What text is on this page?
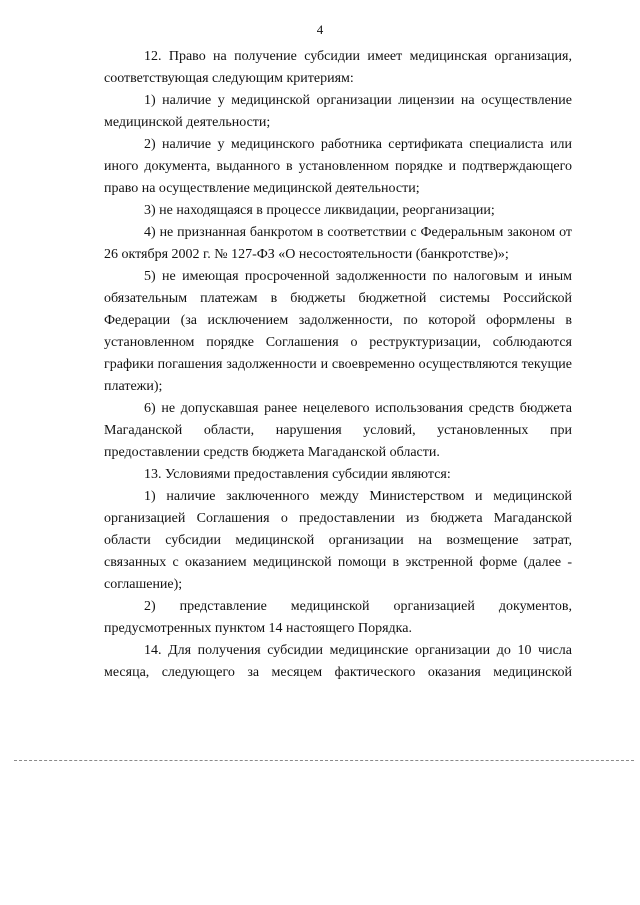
4

12. Право на получение субсидии имеет медицинская организация, соответствующая следующим критериям:

1) наличие у медицинской организации лицензии на осуществление медицинской деятельности;

2) наличие у медицинского работника сертификата специалиста или иного документа, выданного в установленном порядке и подтверждающего право на осуществление медицинской деятельности;

3) не находящаяся в процессе ликвидации, реорганизации;

4) не признанная банкротом в соответствии с Федеральным законом от 26 октября 2002 г. № 127-ФЗ «О несостоятельности (банкротстве)»;

5) не имеющая просроченной задолженности по налоговым и иным обязательным платежам в бюджеты бюджетной системы Российской Федерации (за исключением задолженности, по которой оформлены в установленном порядке Соглашения о реструктуризации, соблюдаются графики погашения задолженности и своевременно осуществляются текущие платежи);

6) не допускавшая ранее нецелевого использования средств бюджета Магаданской области, нарушения условий, установленных при предоставлении средств бюджета Магаданской области.

13. Условиями предоставления субсидии являются:

1) наличие заключенного между Министерством и медицинской организацией Соглашения о предоставлении из бюджета Магаданской области субсидии медицинской организации на возмещение затрат, связанных с оказанием медицинской помощи в экстренной форме (далее - соглашение);

2) представление медицинской организацией документов, предусмотренных пунктом 14 настоящего Порядка.

14. Для получения субсидии медицинские организации до 10 числа месяца, следующего за месяцем фактического оказания медицинской
